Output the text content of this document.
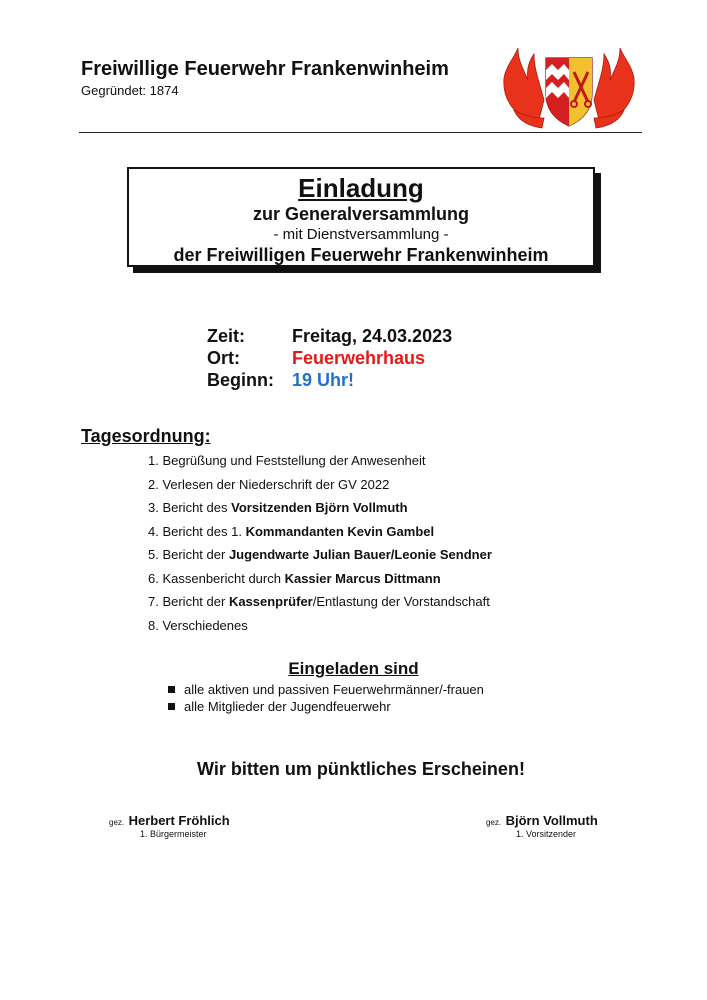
Freiwillige Feuerwehr Frankenwinheim
Gegründet: 1874
Einladung
zur Generalversammlung
- mit Dienstversammlung -
der Freiwilligen Feuerwehr Frankenwinheim
Zeit:	Freitag, 24.03.2023
Ort:	Feuerwehrhaus
Beginn: 19 Uhr!
Tagesordnung:
1. Begrüßung und Feststellung der Anwesenheit
2. Verlesen der Niederschrift der GV 2022
3. Bericht des Vorsitzenden Björn Vollmuth
4. Bericht des 1. Kommandanten Kevin Gambel
5. Bericht der Jugendwarte Julian Bauer/Leonie Sendner
6. Kassenbericht durch Kassier Marcus Dittmann
7. Bericht der Kassenprüfer/Entlastung der Vorstandschaft
8. Verschiedenes
Eingeladen sind
alle aktiven und passiven Feuerwehrmänner/-frauen
alle Mitglieder der Jugendfeuerwehr
Wir bitten um pünktliches Erscheinen!
gez. Herbert Fröhlich
1. Bürgermeister
gez. Björn Vollmuth
1. Vorsitzender
